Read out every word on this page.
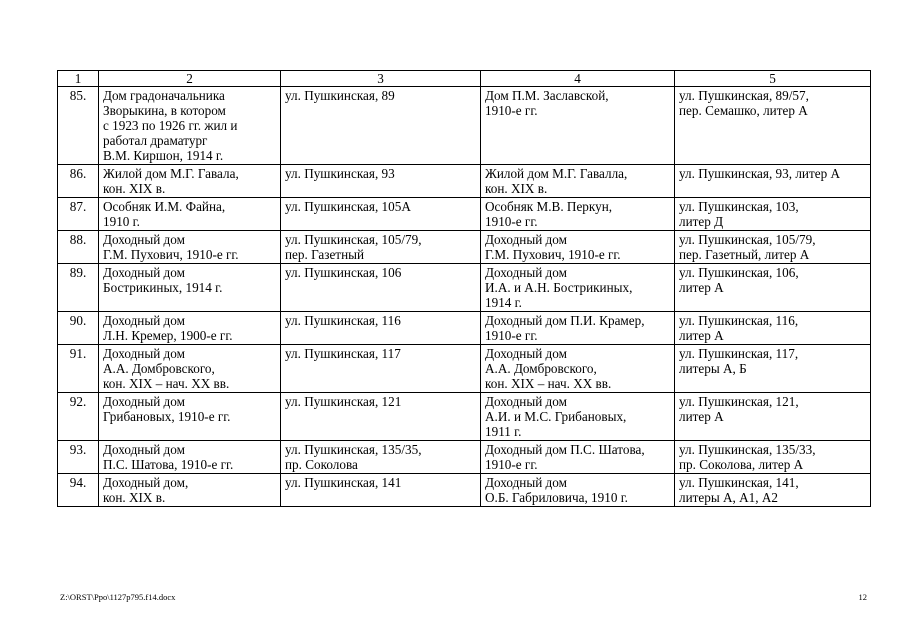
1	2	3	4	5
85.	Дом градоначальника
Зворыкина, в котором
с 1923 по 1926 гг. жил и
работал драматург
В.М. Киршон, 1914 г.	ул. Пушкинская, 89	Дом П.М. Заславской,
1910-е гг.	ул. Пушкинская, 89/57,
пер. Семашко, литер А
86.	Жилой дом М.Г. Гавала,
кон. XIX в.	ул. Пушкинская, 93	Жилой дом М.Г. Гавалла,
кон. XIX в.	ул. Пушкинская, 93, литер А
87.	Особняк И.М. Файна,
1910 г.	ул. Пушкинская, 105А	Особняк М.В. Перкун,
1910-е гг.	ул. Пушкинская, 103,
литер Д
88.	Доходный дом
Г.М. Пухович, 1910-е гг.	ул. Пушкинская, 105/79,
пер. Газетный	Доходный дом
Г.М. Пухович, 1910-е гг.	ул. Пушкинская, 105/79,
пер. Газетный, литер А
89.	Доходный дом
Бострикиных, 1914 г.	ул. Пушкинская, 106	Доходный дом
И.А. и А.Н. Бострикиных,
1914 г.	ул. Пушкинская, 106,
литер А
90.	Доходный дом
Л.Н. Кремер, 1900-е гг.	ул. Пушкинская, 116	Доходный дом П.И. Крамер,
1910-е гг.	ул. Пушкинская, 116,
литер А
91.	Доходный дом
А.А. Домбровского,
кон. XIX – нач. XX вв.	ул. Пушкинская, 117	Доходный дом
А.А. Домбровского,
кон. XIX – нач. XX вв.	ул. Пушкинская, 117,
литеры А, Б
92.	Доходный дом
Грибановых, 1910-е гг.	ул. Пушкинская, 121	Доходный дом
А.И. и М.С. Грибановых,
1911 г.	ул. Пушкинская, 121,
литер А
93.	Доходный дом
П.С. Шатова, 1910-е гг.	ул. Пушкинская, 135/35,
пр. Соколова	Доходный дом П.С. Шатова,
1910-е гг.	ул. Пушкинская, 135/33,
пр. Соколова, литер А
94.	Доходный дом,
кон. XIX в.	ул. Пушкинская, 141	Доходный дом
О.Б. Габриловича, 1910 г.	ул. Пушкинская, 141,
литеры А, А1, А2
Z:\ORST\Ppo\1127p795.f14.docx	12
